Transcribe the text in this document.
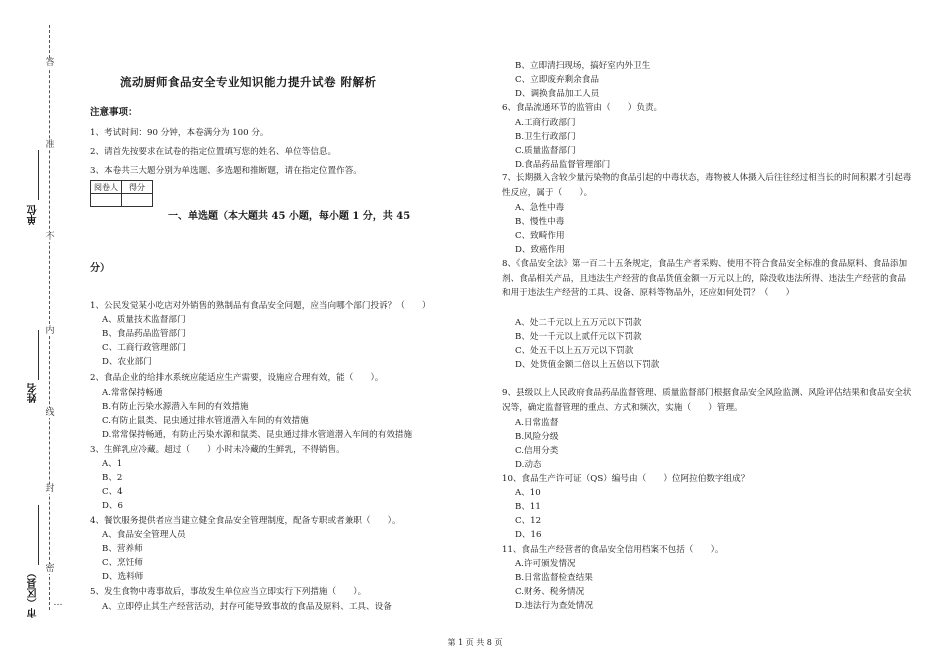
答
准
不
内
线
封
密
单位
姓名
市（区县） …
流动厨师食品安全专业知识能力提升试卷 附解析
注意事项：
1、考试时间：90 分钟，本卷满分为 100 分。
2、请首先按要求在试卷的指定位置填写您的姓名、单位等信息。
3、本卷共三大题分别为单选题、多选题和推断题，请在指定位置作答。
阅卷人	得分

一、单选题（本大题共 45 小题，每小题 1 分，共 45
分）
1、公民发觉某小吃店对外销售的熟制品有食品安全问题，应当向哪个部门投诉？（　　）
A、质量技术监督部门
B、食品药品监管部门
C、工商行政管理部门
D、农业部门
2、食品企业的给排水系统应能适应生产需要，设施应合理有效，能（　　）。
A.常常保持畅通
B.有防止污染水源潜入车间的有效措施
C.有防止鼠类、昆虫通过排水管道潜入车间的有效措施
D.常常保持畅通，有防止污染水源和鼠类、昆虫通过排水管道潜入车间的有效措施
3、生鲜乳应冷藏。超过（　　）小时未冷藏的生鲜乳，不得销售。
A、1
B、2
C、4
D、6
4、餐饮服务提供者应当建立健全食品安全管理制度，配备专职或者兼职（　　）。
A、食品安全管理人员
B、营养师
C、烹饪师
D、选料师
5、发生食物中毒事故后，事故发生单位应当立即实行下列措施（　　）。
A、立即停止其生产经营活动，封存可能导致事故的食品及原料、工具、设备
B、立即清扫现场，搞好室内外卫生
C、立即废弃剩余食品
D、调换食品加工人员
6、食品流通环节的监管由（　　）负责。
A.工商行政部门
B.卫生行政部门
C.质量监督部门
D.食品药品监督管理部门
7、长期摄入含较少量污染物的食品引起的中毒状态，毒物被人体摄入后往往经过相当长的时间积累才引起毒性反应，属于（　　）。
A、急性中毒
B、慢性中毒
C、致畸作用
D、致癌作用
8、《食品安全法》第一百二十五条规定，食品生产者采购、使用不符合食品安全标准的食品原料、食品添加剂、食品相关产品，且违法生产经营的食品货值金额一万元以上的，除没收违法所得、违法生产经营的食品和用于违法生产经营的工具、设备、原料等物品外，还应如何处罚？（　　）
A、处二千元以上五万元以下罚款
B、处一千元以上贰仟元以下罚款
C、处五千以上五万元以下罚款
D、处货值金额二倍以上五倍以下罚款
9、县级以上人民政府食品药品监督管理、质量监督部门根据食品安全风险监测、风险评估结果和食品安全状况等，确定监督管理的重点、方式和频次，实施（　　）管理。
A.日常监督
B.风险分级
C.信用分类
D.动态
10、食品生产许可证（QS）编号由（　　）位阿拉伯数字组成？
A、10
B、11
C、12
D、16
11、食品生产经营者的食品安全信用档案不包括（　　）。
A.许可颁发情况
B.日常监督检查结果
C.财务、税务情况
D.违法行为查处情况
第 1 页 共 8 页
